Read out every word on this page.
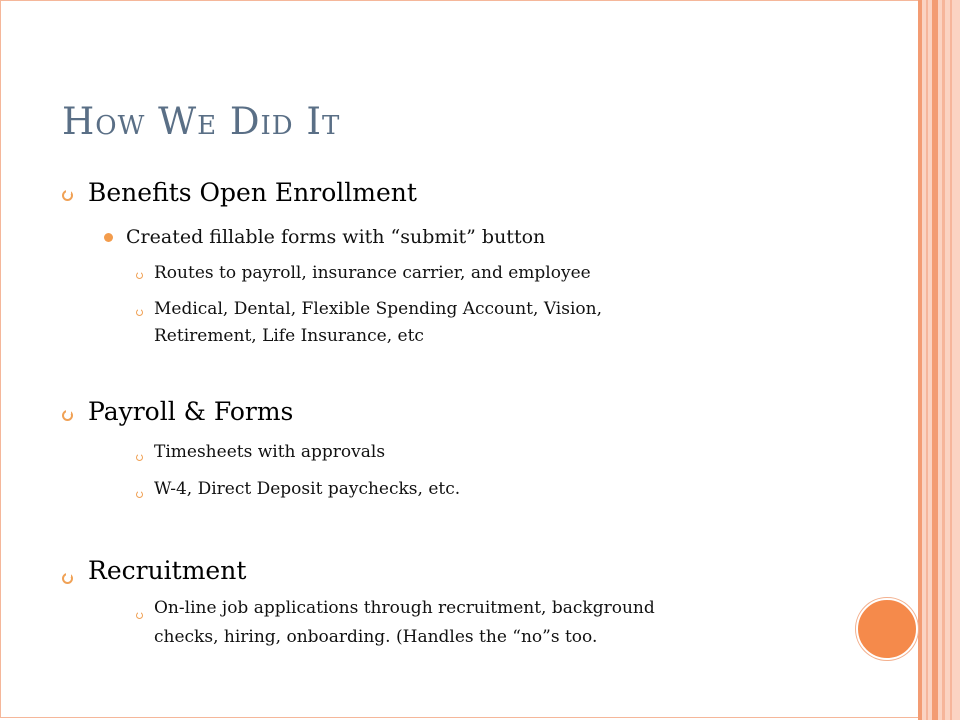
How We Did It
Benefits Open Enrollment
Created fillable forms with “submit” button
Routes to payroll, insurance carrier, and employee
Medical, Dental, Flexible Spending Account, Vision,
Retirement, Life Insurance, etc
Payroll & Forms
Timesheets with approvals
W-4, Direct Deposit paychecks, etc.
Recruitment
On-line job applications through recruitment, background
checks, hiring, onboarding. (Handles the “no”s too.
